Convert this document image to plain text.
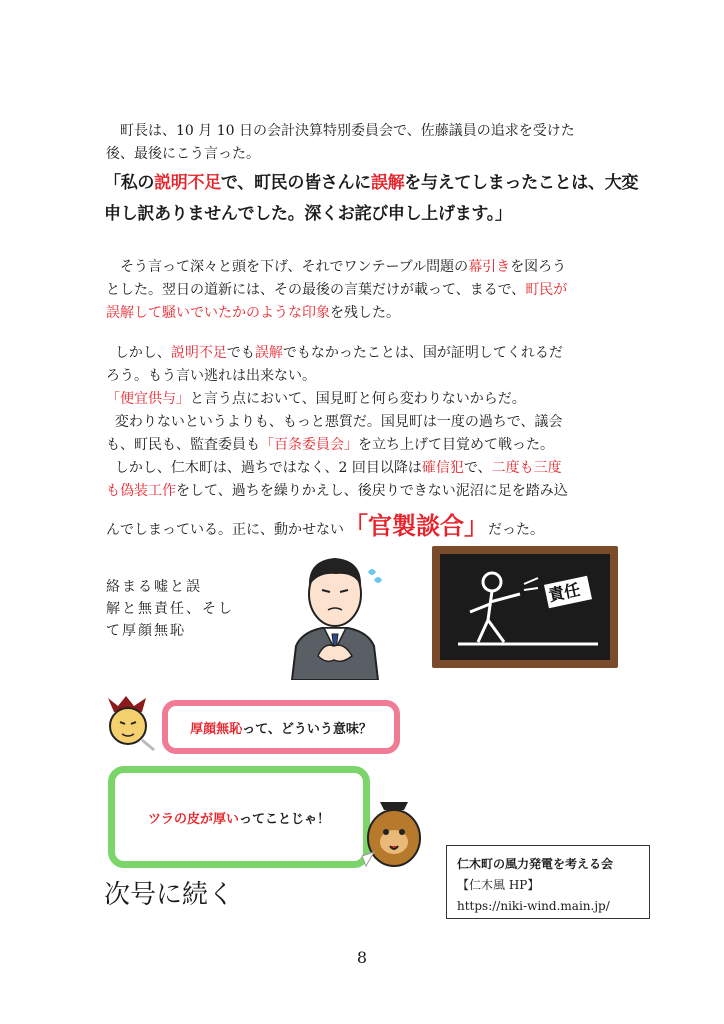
町長は、10 月 10 日の会計決算特別委員会で、佐藤議員の追求を受けた
後、最後にこう言った。

「私の説明不足で、町民の皆さんに誤解を与えてしまったことは、大変
申し訳ありませんでした。深くお詫び申し上げます。」

そう言って深々と頭を下げ、それでワンテーブル問題の幕引きを図ろう
とした。翌日の道新には、その最後の言葉だけが載って、まるで、町民が
誤解して騒いでいたかのような印象を残した。

しかし、説明不足でも誤解でもなかったことは、国が証明してくれるだ
ろう。もう言い逃れは出来ない。
「便宜供与」と言う点において、国見町と何ら変わりないからだ。
変わりないというよりも、もっと悪質だ。国見町は一度の過ちで、議会
も、町民も、監査委員も「百条委員会」を立ち上げて目覚めて戦った。
しかし、仁木町は、過ちではなく、2 回目以降は確信犯で、二度も三度
も偽装工作をして、過ちを繰りかえし、後戻りできない泥沼に足を踏み込
んでしまっている。正に、動かせない「官製談合」だった。

絡まる嘘と誤
解と無責任、そし
て厚顔無恥
責任
厚顔無恥 って、どういう意味？
ツラの皮が厚い ってことじゃ！
次号に続く
仁木町の風力発電を考える会
【仁木風 HP】
https://niki-wind.main.jp/
8
